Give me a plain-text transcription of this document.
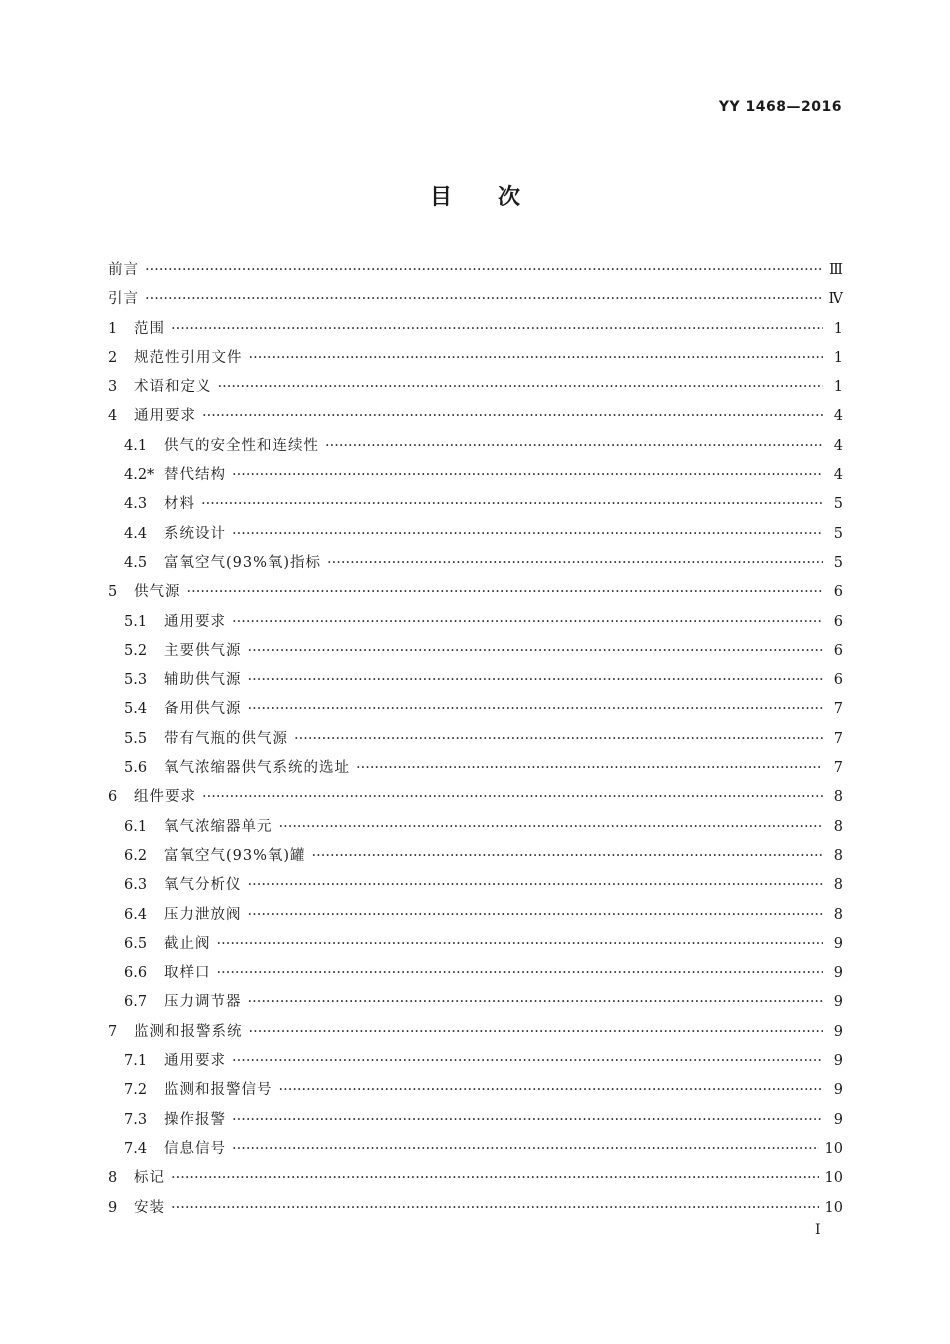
YY 1468—2016
目 次
前言 ·····	Ⅲ
引言 ·····	Ⅳ
1	范围 ·····	1
2	规范性引用文件 ·····	1
3	术语和定义 ·····	1
4	通用要求 ·····	4
4.1	供气的安全性和连续性 ·····	4
4.2* 替代结构 ·····	4
4.3	材料 ·····	5
4.4	系统设计 ·····	5
4.5	富氧空气(93%氧)指标 ·····	5
5	供气源 ·····	6
5.1	通用要求 ·····	6
5.2	主要供气源 ·····	6
5.3	辅助供气源 ·····	6
5.4	备用供气源 ·····	7
5.5	带有气瓶的供气源 ·····	7
5.6	氧气浓缩器供气系统的选址 ·····	7
6	组件要求 ·····	8
6.1	氧气浓缩器单元 ·····	8
6.2	富氧空气(93%氧)罐 ·····	8
6.3	氧气分析仪 ·····	8
6.4	压力泄放阀 ·····	8
6.5	截止阀 ·····	9
6.6	取样口 ·····	9
6.7	压力调节器 ·····	9
7	监测和报警系统 ·····	9
7.1	通用要求 ·····	9
7.2	监测和报警信号 ·····	9
7.3	操作报警 ·····	9
7.4	信息信号 ·····	10
8	标记 ·····	10
9	安装 ·····	10
I
